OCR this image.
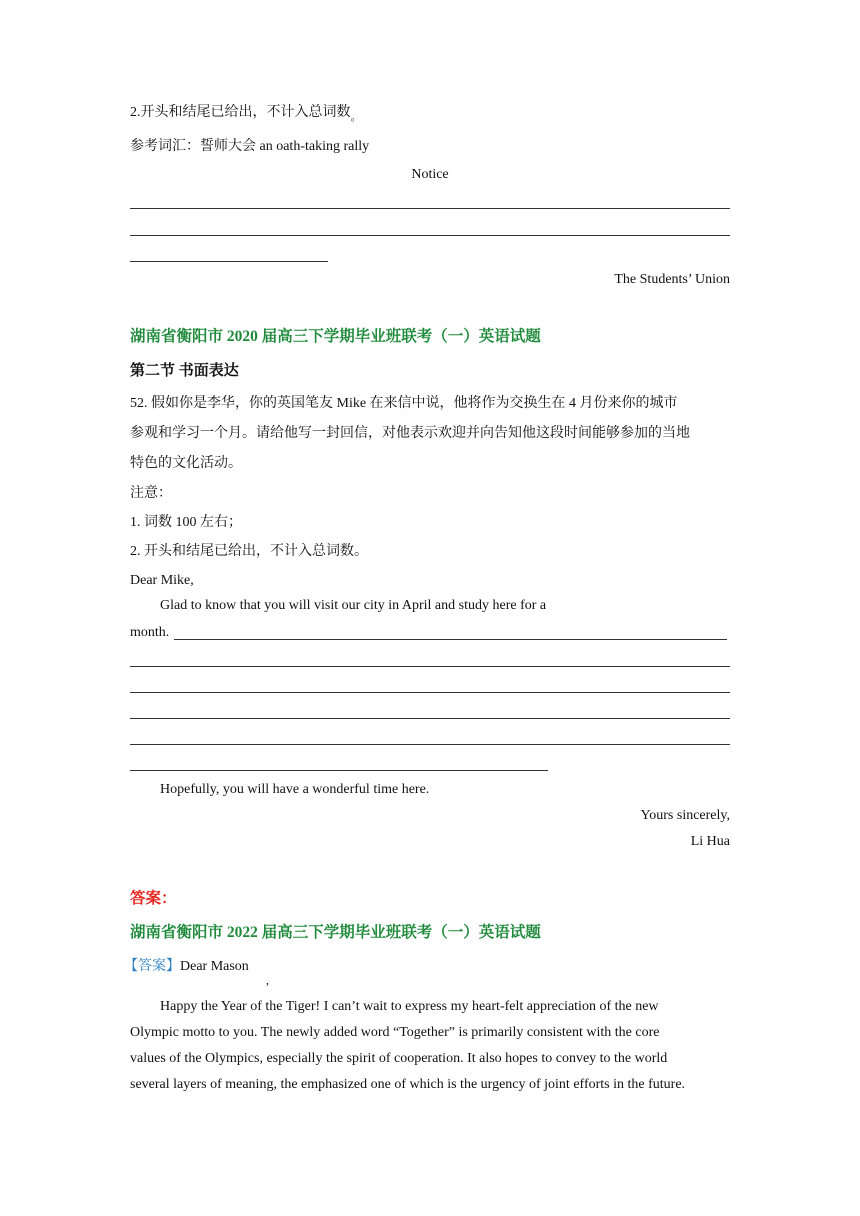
2.开头和结尾已给出，不计入总词数$_。$
参考词汇：誓师大会 an oath-taking rally
Notice
The Students’ Union
湖南省衡阳市 2020 届高三下学期毕业班联考（一）英语试题
第二节 书面表达
52. 假如你是李华，你的英国笔友 Mike 在来信中说，他将作为交换生在 4 月份来你的城市
参观和学习一个月。请给他写一封回信，对他表示欢迎并向告知他这段时间能够参加的当地
特色的文化活动。
注意：
1. 词数 100 左右；
2. 开头和结尾已给出，不计入总词数。
Dear Mike,
Glad to know that you will visit our city in April and study here for a
month.
Hopefully, you will have a wonderful time here.
Yours sincerely,
Li Hua
答案：
湖南省衡阳市 2022 届高三下学期毕业班联考（一）英语试题
【答案】Dear Mason
,
Happy the Year of the Tiger! I can’t wait to express my heart-felt appreciation of the new
Olympic motto to you. The newly added word “Together” is primarily consistent with the core
values of the Olympics, especially the spirit of cooperation. It also hopes to convey to the world
several layers of meaning, the emphasized one of which is the urgency of joint efforts in the future.
